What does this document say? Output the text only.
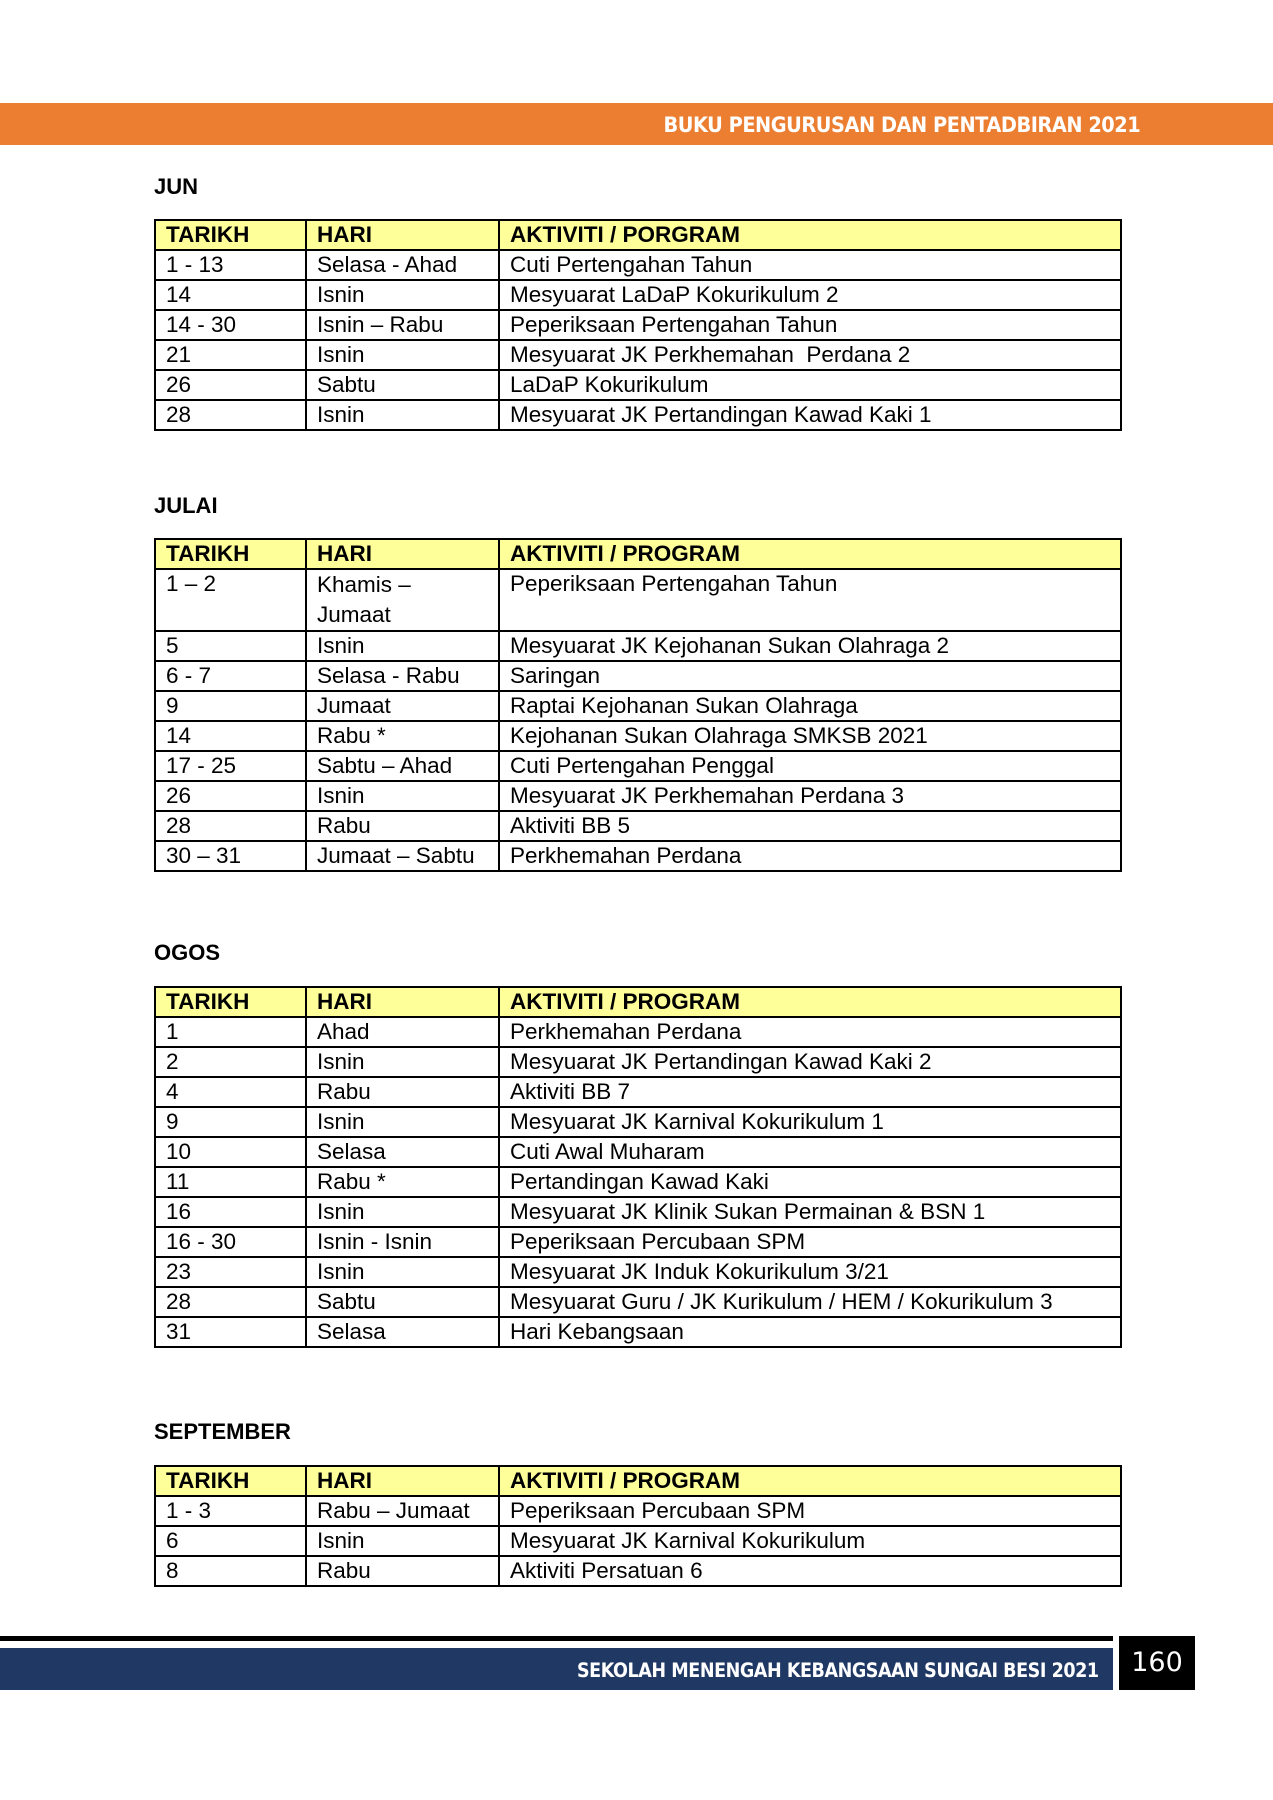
BUKU PENGURUSAN DAN PENTADBIRAN 2021
JUN
TARIKH	HARI	AKTIVITI / PORGRAM
1 - 13	Selasa - Ahad	Cuti Pertengahan Tahun
14	Isnin	Mesyuarat LaDaP Kokurikulum 2
14 - 30	Isnin – Rabu	Peperiksaan Pertengahan Tahun
21	Isnin	Mesyuarat JK Perkhemahan  Perdana 2
26	Sabtu	LaDaP Kokurikulum
28	Isnin	Mesyuarat JK Pertandingan Kawad Kaki 1
JULAI
TARIKH	HARI	AKTIVITI / PROGRAM
1 – 2	Khamis – Jumaat	Peperiksaan Pertengahan Tahun
5	Isnin	Mesyuarat JK Kejohanan Sukan Olahraga 2
6 - 7	Selasa - Rabu	Saringan
9	Jumaat	Raptai Kejohanan Sukan Olahraga
14	Rabu *	Kejohanan Sukan Olahraga SMKSB 2021
17 - 25	Sabtu – Ahad	Cuti Pertengahan Penggal
26	Isnin	Mesyuarat JK Perkhemahan Perdana 3
28	Rabu	Aktiviti BB 5
30 – 31	Jumaat – Sabtu	Perkhemahan Perdana
OGOS
TARIKH	HARI	AKTIVITI / PROGRAM
1	Ahad	Perkhemahan Perdana
2	Isnin	Mesyuarat JK Pertandingan Kawad Kaki 2
4	Rabu	Aktiviti BB 7
9	Isnin	Mesyuarat JK Karnival Kokurikulum 1
10	Selasa	Cuti Awal Muharam
11	Rabu *	Pertandingan Kawad Kaki
16	Isnin	Mesyuarat JK Klinik Sukan Permainan & BSN 1
16 - 30	Isnin - Isnin	Peperiksaan Percubaan SPM
23	Isnin	Mesyuarat JK Induk Kokurikulum 3/21
28	Sabtu	Mesyuarat Guru / JK Kurikulum / HEM / Kokurikulum 3
31	Selasa	Hari Kebangsaan
SEPTEMBER
TARIKH	HARI	AKTIVITI / PROGRAM
1 - 3	Rabu – Jumaat	Peperiksaan Percubaan SPM
6	Isnin	Mesyuarat JK Karnival Kokurikulum
8	Rabu	Aktiviti Persatuan 6
SEKOLAH MENENGAH KEBANGSAAN SUNGAI BESI 2021	160
